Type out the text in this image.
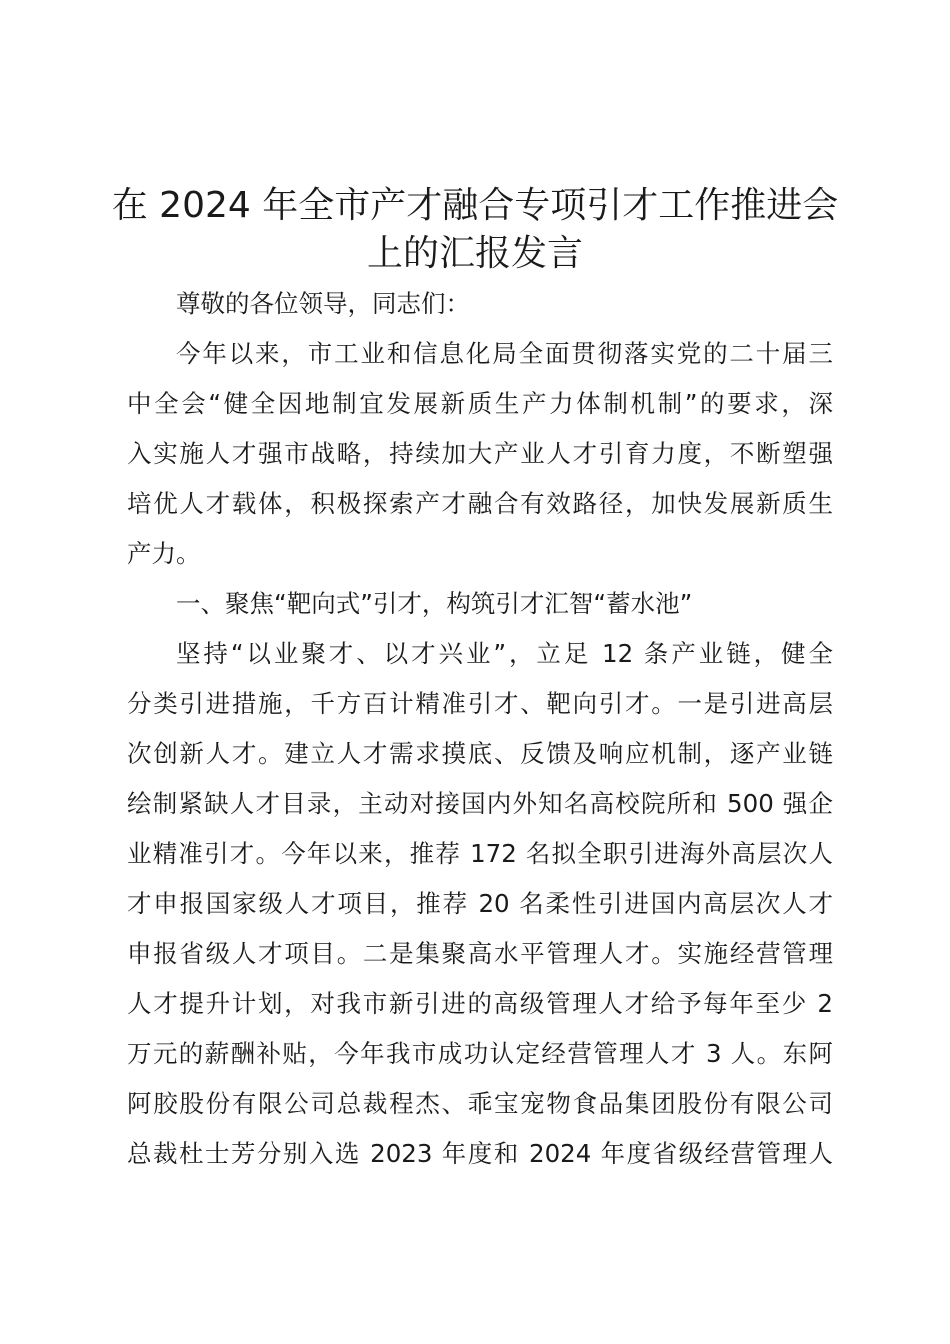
在 2024 年全市产才融合专项引才工作推进会
上的汇报发言
尊敬的各位领导，同志们：
今年以来，市工业和信息化局全面贯彻落实党的二十届三
中全会“健全因地制宜发展新质生产力体制机制”的要求，深
入实施人才强市战略，持续加大产业人才引育力度，不断塑强
培优人才载体，积极探索产才融合有效路径，加快发展新质生
产力。
一、聚焦“靶向式”引才，构筑引才汇智“蓄水池”
坚持“以业聚才、以才兴业”，立足 12 条产业链，健全
分类引进措施，千方百计精准引才、靶向引才。一是引进高层
次创新人才。建立人才需求摸底、反馈及响应机制，逐产业链
绘制紧缺人才目录，主动对接国内外知名高校院所和 500 强企
业精准引才。今年以来，推荐 172 名拟全职引进海外高层次人
才申报国家级人才项目，推荐 20 名柔性引进国内高层次人才
申报省级人才项目。二是集聚高水平管理人才。实施经营管理
人才提升计划，对我市新引进的高级管理人才给予每年至少 2
万元的薪酬补贴，今年我市成功认定经营管理人才 3 人。东阿
阿胶股份有限公司总裁程杰、乖宝宠物食品集团股份有限公司
总裁杜士芳分别入选 2023 年度和 2024 年度省级经营管理人
